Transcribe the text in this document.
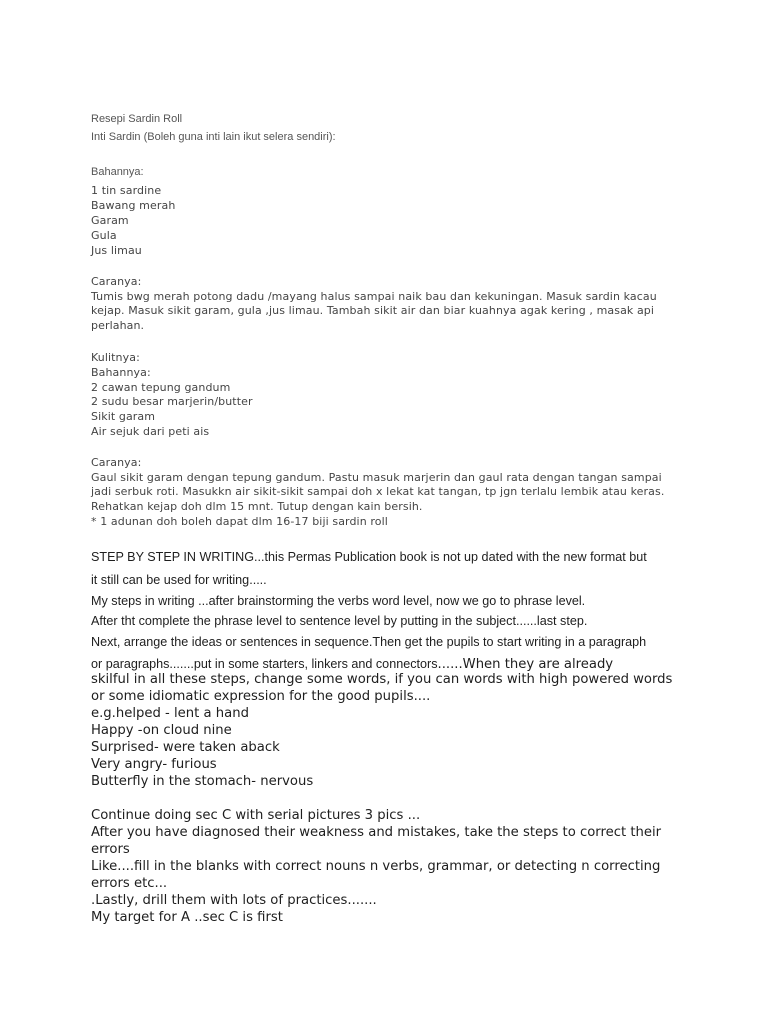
Resepi Sardin Roll
Inti Sardin (Boleh guna inti lain ikut selera sendiri):
Bahannya:
1 tin sardine
Bawang merah
Garam
Gula
Jus limau
Caranya:
Tumis bwg merah potong dadu /mayang halus sampai naik bau dan kekuningan. Masuk sardin kacau
kejap. Masuk sikit garam, gula ,jus limau. Tambah sikit air dan biar kuahnya agak kering , masak api
perlahan.
Kulitnya:
Bahannya:
2 cawan tepung gandum
2 sudu besar marjerin/butter
Sikit garam
Air sejuk dari peti ais
Caranya:
Gaul sikit garam dengan tepung gandum. Pastu masuk marjerin dan gaul rata dengan tangan sampai
jadi serbuk roti. Masukkn air sikit-sikit sampai doh x lekat kat tangan, tp jgn terlalu lembik atau keras.
Rehatkan kejap doh dlm 15 mnt. Tutup dengan kain bersih.
* 1 adunan doh boleh dapat dlm 16-17 biji sardin roll
STEP BY STEP IN WRITING...this Permas Publication book is not up dated with the new format but
it still can be used for writing.....
My steps in writing ...after brainstorming the verbs word level, now we go to phrase level.
After tht complete the phrase level to sentence level by putting in the subject......last step.
Next, arrange the ideas or sentences in sequence.Then get the pupils to start writing in a paragraph
or paragraphs.......put in some starters, linkers and connectors......When they are already
skilful in all these steps, change some words, if you can words with high powered words
or some idiomatic expression for the good pupils....
e.g.helped - lent a hand
Happy -on cloud nine
Surprised- were taken aback
Very angry- furious
Butterfly in the stomach- nervous
Continue doing sec C with serial pictures 3 pics ...
After you have diagnosed their weakness and mistakes, take the steps to correct their
errors
Like....fill in the blanks with correct nouns n verbs, grammar, or detecting n correcting
errors etc...
.Lastly, drill them with lots of practices.......
My target for A ..sec C is first
